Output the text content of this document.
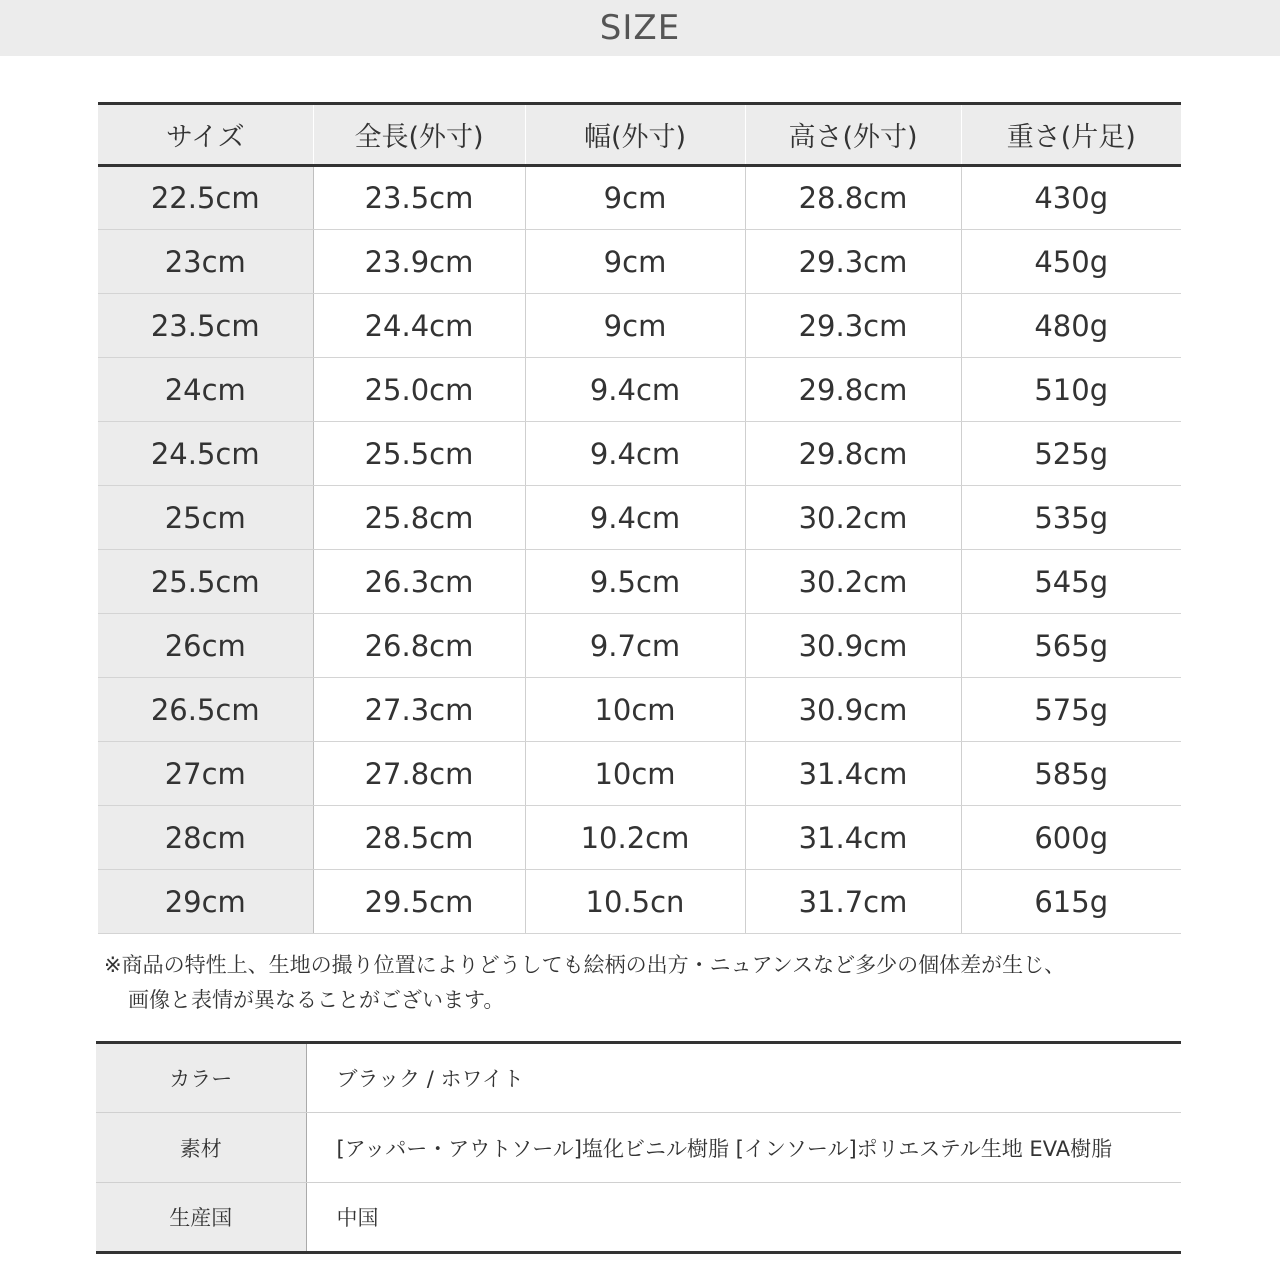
SIZE
サイズ	全長(外寸)	幅(外寸)	高さ(外寸)	重さ(片足)
22.5cm	23.5cm	9cm	28.8cm	430g
23cm	23.9cm	9cm	29.3cm	450g
23.5cm	24.4cm	9cm	29.3cm	480g
24cm	25.0cm	9.4cm	29.8cm	510g
24.5cm	25.5cm	9.4cm	29.8cm	525g
25cm	25.8cm	9.4cm	30.2cm	535g
25.5cm	26.3cm	9.5cm	30.2cm	545g
26cm	26.8cm	9.7cm	30.9cm	565g
26.5cm	27.3cm	10cm	30.9cm	575g
27cm	27.8cm	10cm	31.4cm	585g
28cm	28.5cm	10.2cm	31.4cm	600g
29cm	29.5cm	10.5cn	31.7cm	615g
※商品の特性上、生地の撮り位置によりどうしても絵柄の出方・ニュアンスなど多少の個体差が生じ、
画像と表情が異なることがございます。
カラー	ブラック / ホワイト
素材	[アッパー・アウトソール]塩化ビニル樹脂 [インソール]ポリエステル生地 EVA樹脂
生産国	中国
